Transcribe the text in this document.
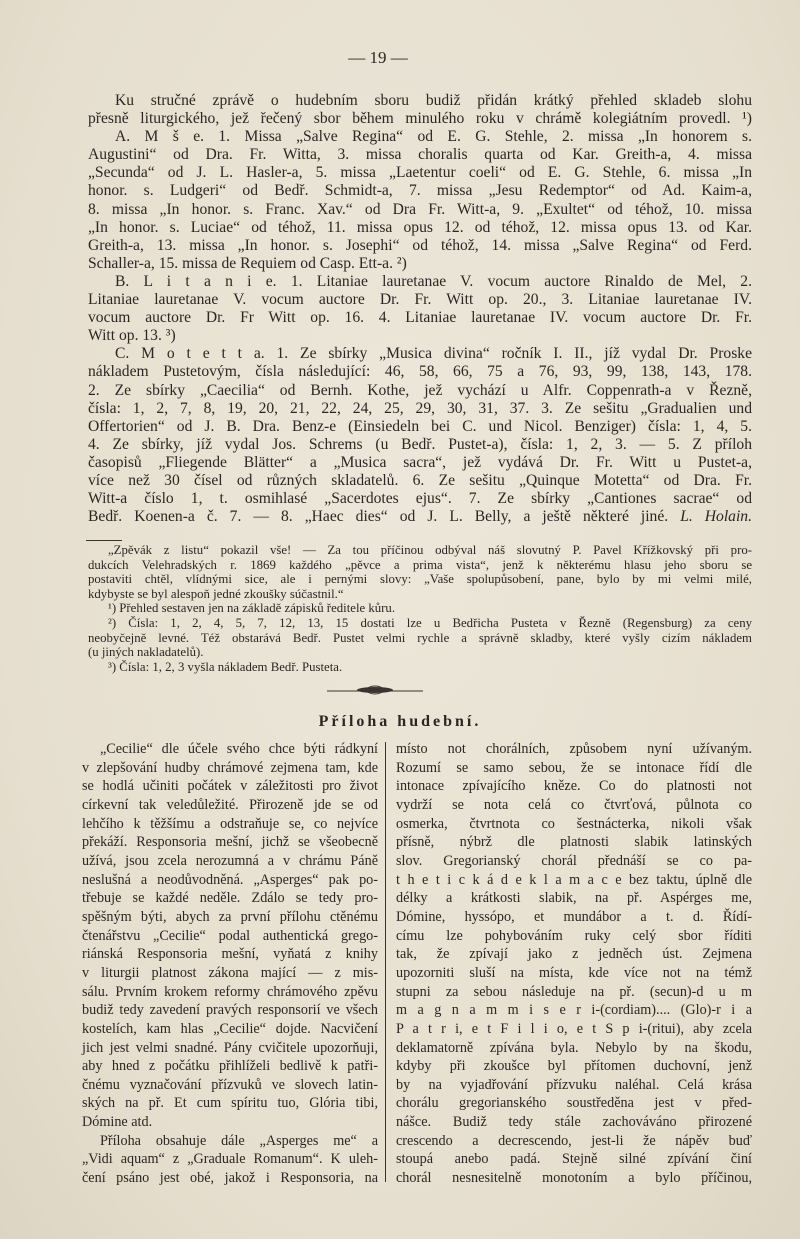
— 19 —
Ku stručné zprávě o hudebním sboru budiž přidán krátký přehled skladeb slohu
přesně liturgického, jež řečený sbor během minulého roku v chrámě kolegiátním provedl. ¹)
A. M š e. 1. Missa „Salve Regina“ od E. G. Stehle, 2. missa „In honorem s.
Augustini“ od Dra. Fr. Witta, 3. missa choralis quarta od Kar. Greith-a, 4. missa
„Secunda“ od J. L. Hasler-a, 5. missa „Laetentur coeli“ od E. G. Stehle, 6. missa „In
honor. s. Ludgeri“ od Bedř. Schmidt-a, 7. missa „Jesu Redemptor“ od Ad. Kaim-a,
8. missa „In honor. s. Franc. Xav.“ od Dra Fr. Witt-a, 9. „Exultet“ od téhož, 10. missa
„In honor. s. Luciae“ od téhož, 11. missa opus 12. od téhož, 12. missa opus 13. od Kar.
Greith-a, 13. missa „In honor. s. Josephi“ od téhož, 14. missa „Salve Regina“ od Ferd.
Schaller-a, 15. missa de Requiem od Casp. Ett-a. ²)
B. L i t a n i e. 1. Litaniae lauretanae V. vocum auctore Rinaldo de Mel, 2.
Litaniae lauretanae V. vocum auctore Dr. Fr. Witt op. 20., 3. Litaniae lauretanae IV.
vocum auctore Dr. Fr Witt op. 16. 4. Litaniae lauretanae IV. vocum auctore Dr. Fr.
Witt op. 13. ³)
C. M o t e t t a. 1. Ze sbírky „Musica divina“ ročník I. II., jíž vydal Dr. Proske
nákladem Pustetovým, čísla následující: 46, 58, 66, 75 a 76, 93, 99, 138, 143, 178.
2. Ze sbírky „Caecilia“ od Bernh. Kothe, jež vychází u Alfr. Coppenrath-a v Řezně,
čísla: 1, 2, 7, 8, 19, 20, 21, 22, 24, 25, 29, 30, 31, 37. 3. Ze sešitu „Gradualien und
Offertorien“ od J. B. Dra. Benz-e (Einsiedeln bei C. und Nicol. Benziger) čísla: 1, 4, 5.
4. Ze sbírky, jíž vydal Jos. Schrems (u Bedř. Pustet-a), čísla: 1, 2, 3. — 5. Z příloh
časopisů „Fliegende Blätter“ a „Musica sacra“, jež vydává Dr. Fr. Witt u Pustet-a,
více než 30 čísel od různých skladatelů. 6. Ze sešitu „Quinque Motetta“ od Dra. Fr.
Witt-a číslo 1, t. osmihlasé „Sacerdotes ejus“. 7. Ze sbírky „Cantiones sacrae“ od
Bedř. Koenen-a č. 7. — 8. „Haec dies“ od J. L. Belly, a ještě některé jiné. L. Holain.
„Zpěvák z listu“ pokazil vše! — Za tou příčinou odbýval náš slovutný P. Pavel Křížkovský při pro-
dukcích Velehradských r. 1869 každého „pěvce a prima vista“, jenž k některému hlasu jeho sboru se
postaviti chtěl, vlídnými sice, ale i pernými slovy: „Vaše spolupůsobení, pane, bylo by mi velmi milé,
kdybyste se byl alespoň jedné zkoušky súčastnil.“
¹) Přehled sestaven jen na základě zápisků ředitele kůru.
²) Čísla: 1, 2, 4, 5, 7, 12, 13, 15 dostati lze u Bedřicha Pusteta v Řezně (Regensburg) za ceny
neobyčejně levné. Též obstarává Bedř. Pustet velmi rychle a správně skladby, které vyšly cizím nákladem
(u jiných nakladatelů).
³) Čísla: 1, 2, 3 vyšla nákladem Bedř. Pusteta.
Příloha hudební.
„Cecilie“ dle účele svého chce býti rádkyní
v zlepšování hudby chrámové zejmena tam, kde
se hodlá učiniti počátek v záležitosti pro život
církevní tak veledůležité. Přirozeně jde se od
lehčího k těžšímu a odstraňuje se, co nejvíce
překáží. Responsoria mešní, jichž se všeobecně
užívá, jsou zcela nerozumná a v chrámu Páně
neslušná a neodůvodněná. „Asperges“ pak po-
třebuje se každé neděle. Zdálo se tedy pro-
spěšným býti, abych za první přílohu ctěnému
čtenářstvu „Cecilie“ podal authentická grego-
riánská Responsoria mešní, vyňatá z knihy
v liturgii platnost zákona mající — z mis-
sálu. Prvním krokem reformy chrámového zpěvu
budiž tedy zavedení pravých responsorií ve všech
kostelích, kam hlas „Cecilie“ dojde. Nacvičení
jich jest velmi snadné. Pány cvičitele upozorňuji,
aby hned z počátku přihlíželi bedlivě k patři-
čnému vyznačování přízvuků ve slovech latin-
ských na př. Et cum spíritu tuo, Glória tibi,
Dómine atd.
Příloha obsahuje dále „Asperges me“ a
„Vidi aquam“ z „Graduale Romanum“. K uleh-
čení psáno jest obé, jakož i Responsoria, na
místo not chorálních, způsobem nyní užívaným.
Rozumí se samo sebou, že se intonace řídí dle
intonace zpívajícího kněze. Co do platnosti not
vydrží se nota celá co čtvrťová, půlnota co
osmerka, čtvrtnota co šestnácterka, nikoli však
přísně, nýbrž dle platnosti slabik latinských
slov. Gregorianský chorál přednáší se co pa-
t h e t i c k á d e k l a m a c e bez taktu, úplně dle
délky a krátkosti slabik, na př. Aspérges me,
Dómine, hyssópo, et mundábor a t. d. Řídí-
címu lze pohybováním ruky celý sbor říditi
tak, že zpívají jako z jedněch úst. Zejmena
upozorniti sluší na místa, kde více not na témž
stupni za sebou následuje na př. (secun)-d u m
m a g n a m m i s e r i-(cordiam).... (Glo)-r i a
P a t r i, e t F i l i o, e t S p i-(ritui), aby zcela
deklamatorně zpívána byla. Nebylo by na škodu,
kdyby při zkoušce byl přítomen duchovní, jenž
by na vyjadřování přízvuku naléhal. Celá krása
chorálu gregorianského soustředěna jest v před-
nášce. Budiž tedy stále zachováváno přirozené
crescendo a decrescendo, jest-li že nápěv buď
stoupá anebo padá. Stejně silné zpívání činí
chorál nesnesitelně monotoním a bylo příčinou,
